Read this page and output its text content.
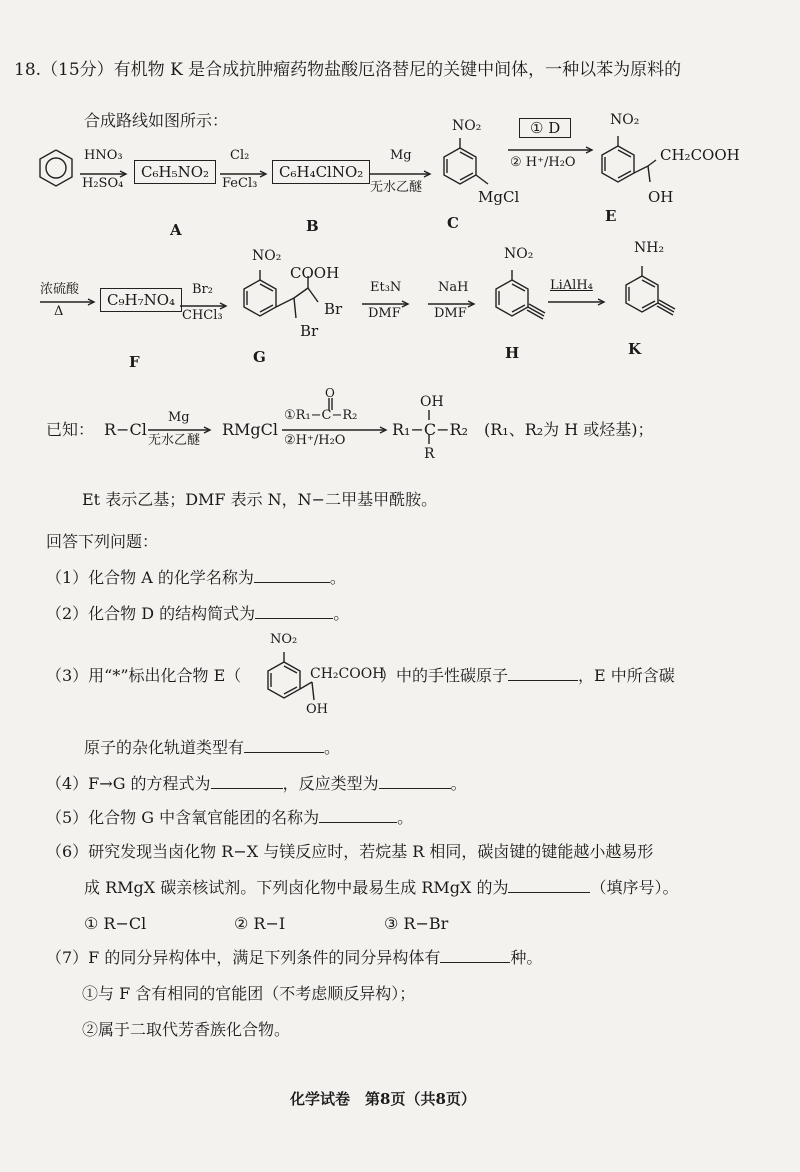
18.（15分）有机物 K 是合成抗肿瘤药物盐酸厄洛替尼的关键中间体，一种以苯为原料的
合成路线如图所示：
HNO₃
H₂SO₄
C₆H₅NO₂
A
Cl₂
FeCl₃
C₆H₄ClNO₂
B
Mg
无水乙醚
NO₂
MgCl
C
① D
② H⁺/H₂O
NO₂
CH₂COOH
OH
E
浓硫酸
Δ
C₉H₇NO₄
F
Br₂
CHCl₃
NO₂
COOH
Br
Br
G
Et₃N
DMF
NaH
DMF
NO₂
H
LiAlH₄
NH₂
K
已知： R−Cl
Mg
无水乙醚
RMgCl
O
①R₁−C−R₂
②H⁺/H₂O
OH
R₁−C−R₂
R
(R₁、R₂为 H 或烃基)；
Et 表示乙基；DMF 表示 N，N−二甲基甲酰胺。
回答下列问题：
（1）化合物 A 的化学名称为	。
（2）化合物 D 的结构简式为	。
（3）用“*”标出化合物 E（
NO₂
CH₂COOH
OH
）中的手性碳原子	，E 中所含碳
原子的杂化轨道类型有	。
（4）F→G 的方程式为	，反应类型为	。
（5）化合物 G 中含氧官能团的名称为	。
（6）研究发现当卤化物 R−X 与镁反应时，若烷基 R 相同，碳卤键的键能越小越易形
成 RMgX 碳亲核试剂。下列卤化物中最易生成 RMgX 的为	（填序号）。
① R−Cl	② R−I	③ R−Br
（7）F 的同分异构体中，满足下列条件的同分异构体有	种。
①与 F 含有相同的官能团（不考虑顺反异构）；
②属于二取代芳香族化合物。
化学试卷　第8页（共8页）
